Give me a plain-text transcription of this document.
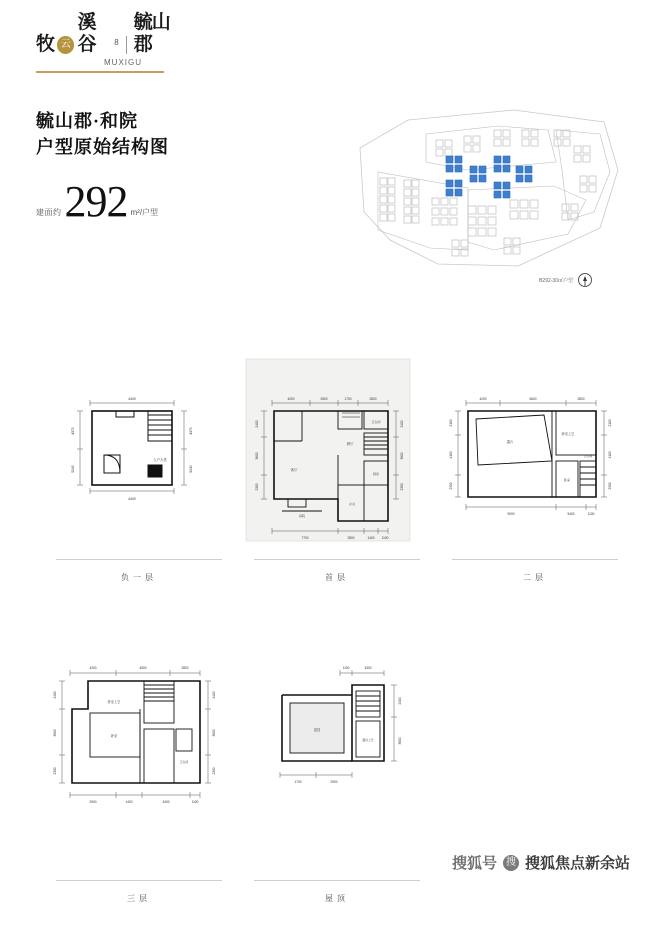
牧 云
溪谷	8
毓山郡
MUXIGU
毓山郡·和院
户型原始结构图
建面约 292 m²/户型
B292-30㎡户型
入户大堂
4400
4400
4370
5240
4370
5240
负一层
客厅
餐厅
卫生间
厨房
玄关
庭院
4200	2500	1700	2800
2400
3600
2300
2400
3600
2300
7700	2800	1400 1100
首层
卧室上空
露台
卧室
卫生间
4200	6600	2800
2100
4100
2300
2100
4100
2300
9000	5400	1100
二层
卧室上空
卧室
卫生间
4200	4500	2800
2400
3600
2300
2400
3600
2300
2900	1400	3400	1100
三层
屋顶
露台上空
1100	3400
2400
3600
1700	2900
屋顶
搜狐号 搜 搜狐焦点新余站
